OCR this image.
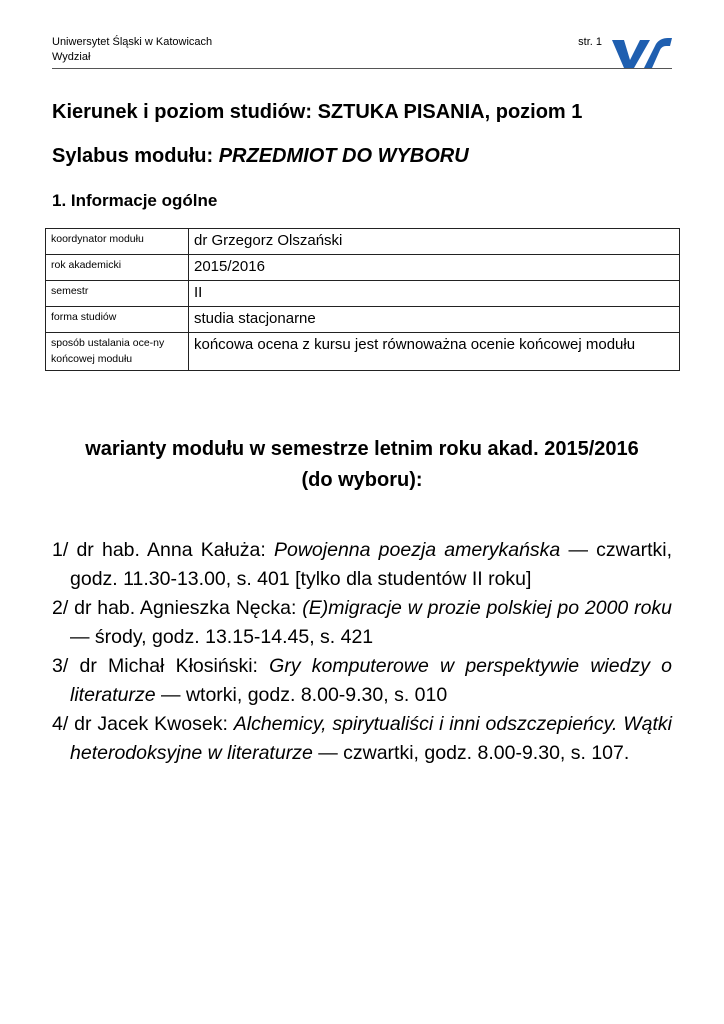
Uniwersytet Śląski w Katowicach
Wydział
str. 1
Kierunek i poziom studiów: SZTUKA PISANIA, poziom 1
Sylabus modułu: PRZEDMIOT DO WYBORU
1. Informacje ogólne
koordynator modułu	dr Grzegorz Olszański
rok akademicki	2015/2016
semestr	II
forma studiów	studia stacjonarne
sposób ustalania oce-ny końcowej modułu	końcowa ocena z kursu jest równoważna ocenie końcowej modułu
warianty modułu w semestrze letnim roku akad. 2015/2016
(do wyboru):
1/ dr hab. Anna Kałuża: Powojenna poezja amerykańska — czwartki, godz. 11.30-13.00, s. 401 [tylko dla studentów II roku]
2/ dr hab. Agnieszka Nęcka: (E)migracje w prozie polskiej po 2000 roku — środy, godz. 13.15-14.45, s. 421
3/ dr Michał Kłosiński: Gry komputerowe w perspektywie wiedzy o literaturze — wtorki, godz. 8.00-9.30, s. 010
4/ dr Jacek Kwosek: Alchemicy, spirytualiści i inni odszczepieńcy. Wątki heterodoksyjne w literaturze — czwartki, godz. 8.00-9.30, s. 107.
